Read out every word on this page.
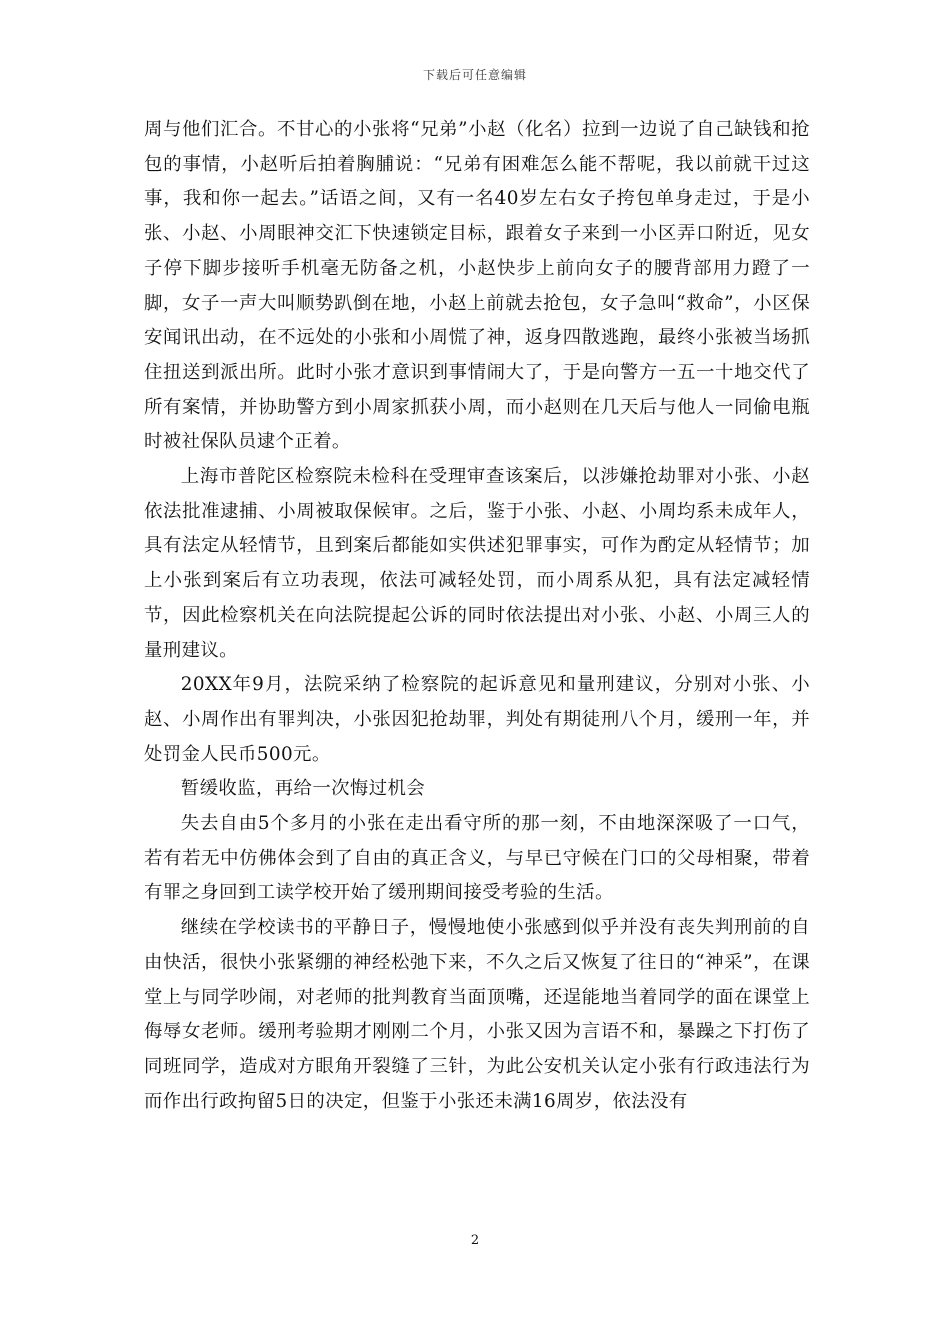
下载后可任意编辑

周与他们汇合。不甘心的小张将“兄弟”小赵（化名）拉到一边说了自己缺钱和抢包的事情，小赵听后拍着胸脯说：“兄弟有困难怎么能不帮呢，我以前就干过这事，我和你一起去。”话语之间，又有一名40岁左右女子挎包单身走过，于是小张、小赵、小周眼神交汇下快速锁定目标，跟着女子来到一小区弄口附近，见女子停下脚步接听手机毫无防备之机，小赵快步上前向女子的腰背部用力蹬了一脚，女子一声大叫顺势趴倒在地，小赵上前就去抢包，女子急叫“救命”，小区保安闻讯出动，在不远处的小张和小周慌了神，返身四散逃跑，最终小张被当场抓住扭送到派出所。此时小张才意识到事情闹大了，于是向警方一五一十地交代了所有案情，并协助警方到小周家抓获小周，而小赵则在几天后与他人一同偷电瓶时被社保队员逮个正着。

上海市普陀区检察院未检科在受理审查该案后，以涉嫌抢劫罪对小张、小赵依法批准逮捕、小周被取保候审。之后，鉴于小张、小赵、小周均系未成年人，具有法定从轻情节，且到案后都能如实供述犯罪事实，可作为酌定从轻情节；加上小张到案后有立功表现，依法可减轻处罚，而小周系从犯，具有法定减轻情节，因此检察机关在向法院提起公诉的同时依法提出对小张、小赵、小周三人的量刑建议。

20XX年9月，法院采纳了检察院的起诉意见和量刑建议，分别对小张、小赵、小周作出有罪判决，小张因犯抢劫罪，判处有期徒刑八个月，缓刑一年，并处罚金人民币500元。

暂缓收监，再给一次悔过机会

失去自由5个多月的小张在走出看守所的那一刻，不由地深深吸了一口气，若有若无中仿佛体会到了自由的真正含义，与早已守候在门口的父母相聚，带着有罪之身回到工读学校开始了缓刑期间接受考验的生活。

继续在学校读书的平静日子，慢慢地使小张感到似乎并没有丧失判刑前的自由快活，很快小张紧绷的神经松弛下来，不久之后又恢复了往日的“神采”，在课堂上与同学吵闹，对老师的批判教育当面顶嘴，还逞能地当着同学的面在课堂上侮辱女老师。缓刑考验期才刚刚二个月，小张又因为言语不和，暴躁之下打伤了同班同学，造成对方眼角开裂缝了三针，为此公安机关认定小张有行政违法行为而作出行政拘留5日的决定，但鉴于小张还未满16周岁，依法没有

2
